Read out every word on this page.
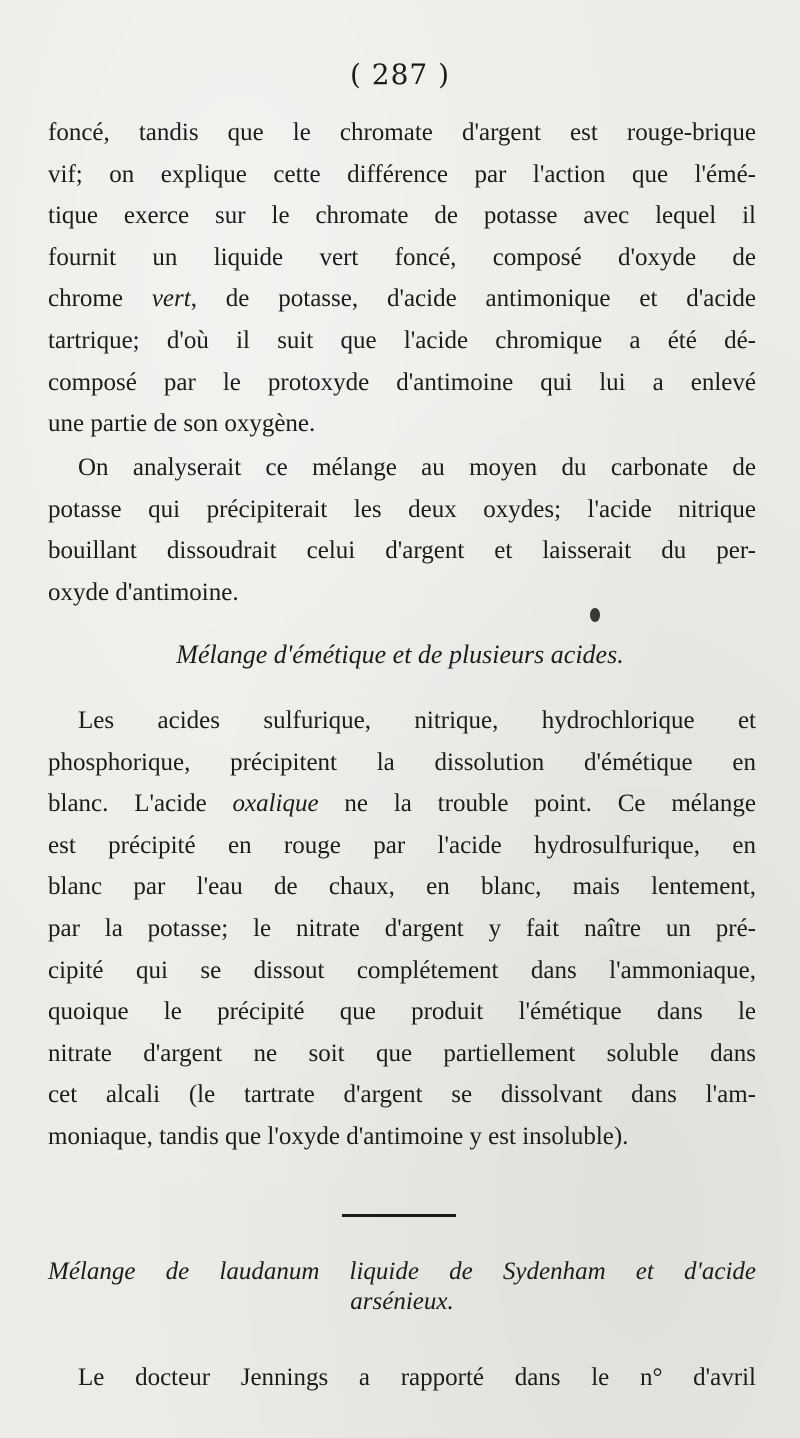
( 287 )
foncé, tandis que le chromate d'argent est rouge-brique
vif; on explique cette différence par l'action que l'émé-
tique exerce sur le chromate de potasse avec lequel il
fournit un liquide vert foncé, composé d'oxyde de
chrome vert, de potasse, d'acide antimonique et d'acide
tartrique; d'où il suit que l'acide chromique a été dé-
composé par le protoxyde d'antimoine qui lui a enlevé
une partie de son oxygène.
On analyserait ce mélange au moyen du carbonate de
potasse qui précipiterait les deux oxydes; l'acide nitrique
bouillant dissoudrait celui d'argent et laisserait du per-
oxyde d'antimoine.
Mélange d'émétique et de plusieurs acides.
Les acides sulfurique, nitrique, hydrochlorique et
phosphorique, précipitent la dissolution d'émétique en
blanc. L'acide oxalique ne la trouble point. Ce mélange
est précipité en rouge par l'acide hydrosulfurique, en
blanc par l'eau de chaux, en blanc, mais lentement,
par la potasse; le nitrate d'argent y fait naître un pré-
cipité qui se dissout complétement dans l'ammoniaque,
quoique le précipité que produit l'émétique dans le
nitrate d'argent ne soit que partiellement soluble dans
cet alcali (le tartrate d'argent se dissolvant dans l'am-
moniaque, tandis que l'oxyde d'antimoine y est insoluble).
Mélange de laudanum liquide de Sydenham et d'acide
arsénieux.
Le docteur Jennings a rapporté dans le n° d'avril
